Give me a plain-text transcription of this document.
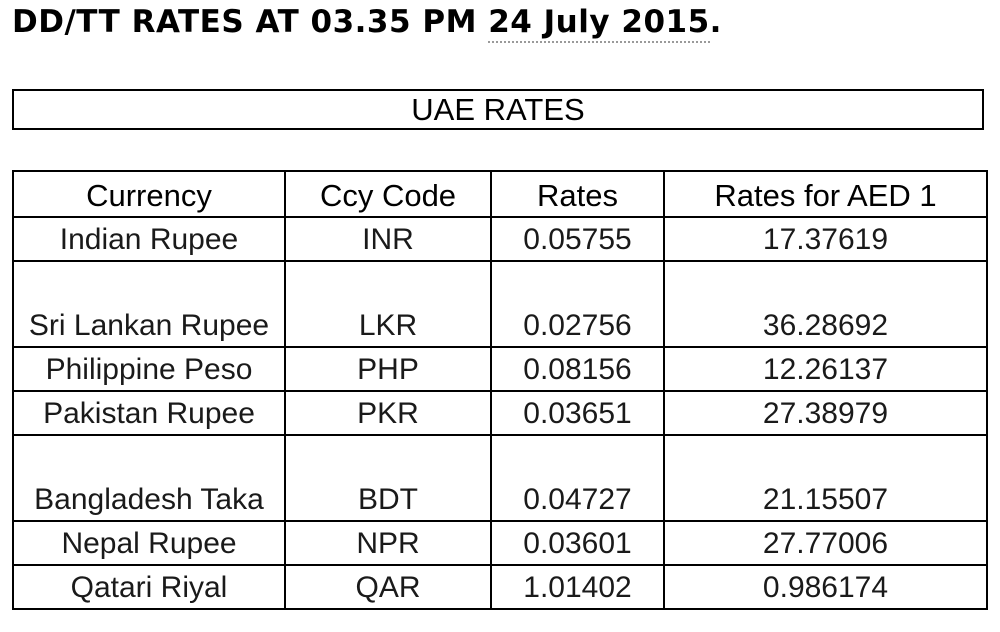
DD/TT RATES AT 03.35 PM 24 July 2015.
UAE RATES
Currency	Ccy Code	Rates	Rates for AED 1
Indian Rupee	INR	0.05755	17.37619
Sri Lankan Rupee	LKR	0.02756	36.28692
Philippine Peso	PHP	0.08156	12.26137
Pakistan Rupee	PKR	0.03651	27.38979
Bangladesh Taka	BDT	0.04727	21.15507
Nepal Rupee	NPR	0.03601	27.77006
Qatari Riyal	QAR	1.01402	0.986174
